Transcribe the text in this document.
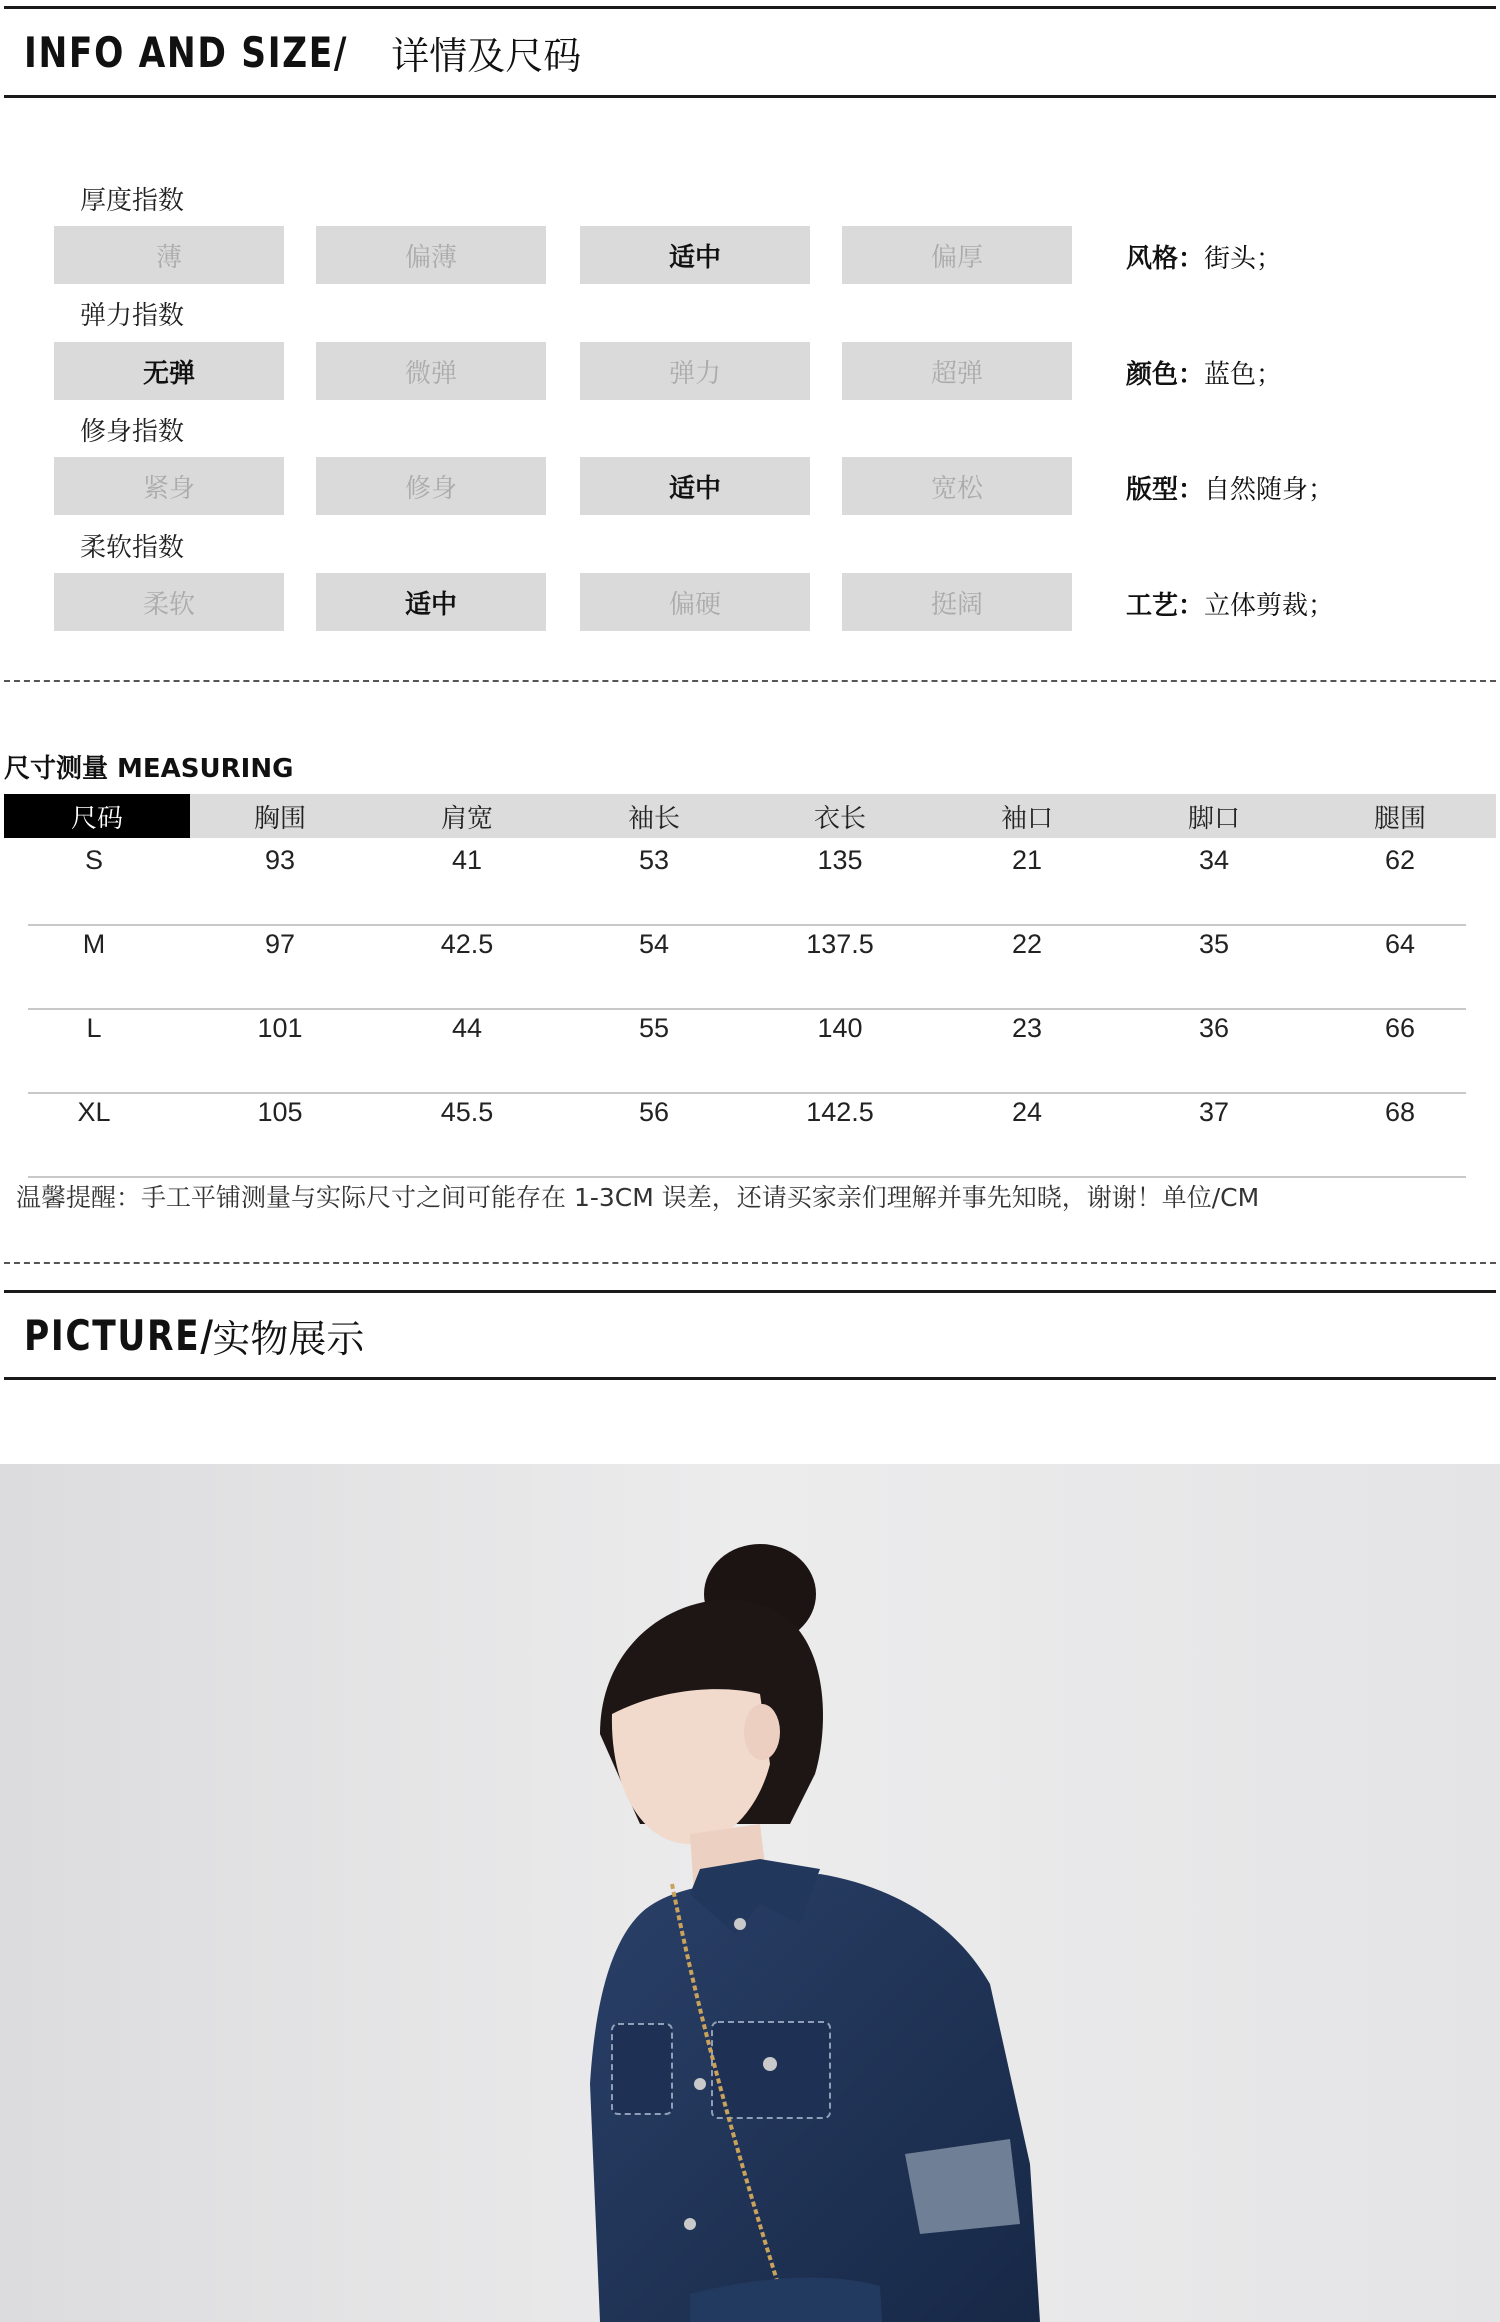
INFO AND SIZE/ 详情及尺码
厚度指数
薄	偏薄	适中	偏厚	风格：街头；
弹力指数
无弹	微弹	弹力	超弹	颜色：蓝色；
修身指数
紧身	修身	适中	宽松	版型：自然随身；
柔软指数
柔软	适中	偏硬	挺阔	工艺：立体剪裁；
尺寸测量 MEASURING
尺码	胸围	肩宽	袖长	衣长	袖口	脚口	腿围
S	93	41	53	135	21	34	62
M	97	42.5	54	137.5	22	35	64
L	101	44	55	140	23	36	66
XL	105	45.5	56	142.5	24	37	68
温馨提醒：手工平铺测量与实际尺寸之间可能存在 1-3CM 误差，还请买家亲们理解并事先知晓，谢谢！单位/CM
PICTURE/
实物展示
